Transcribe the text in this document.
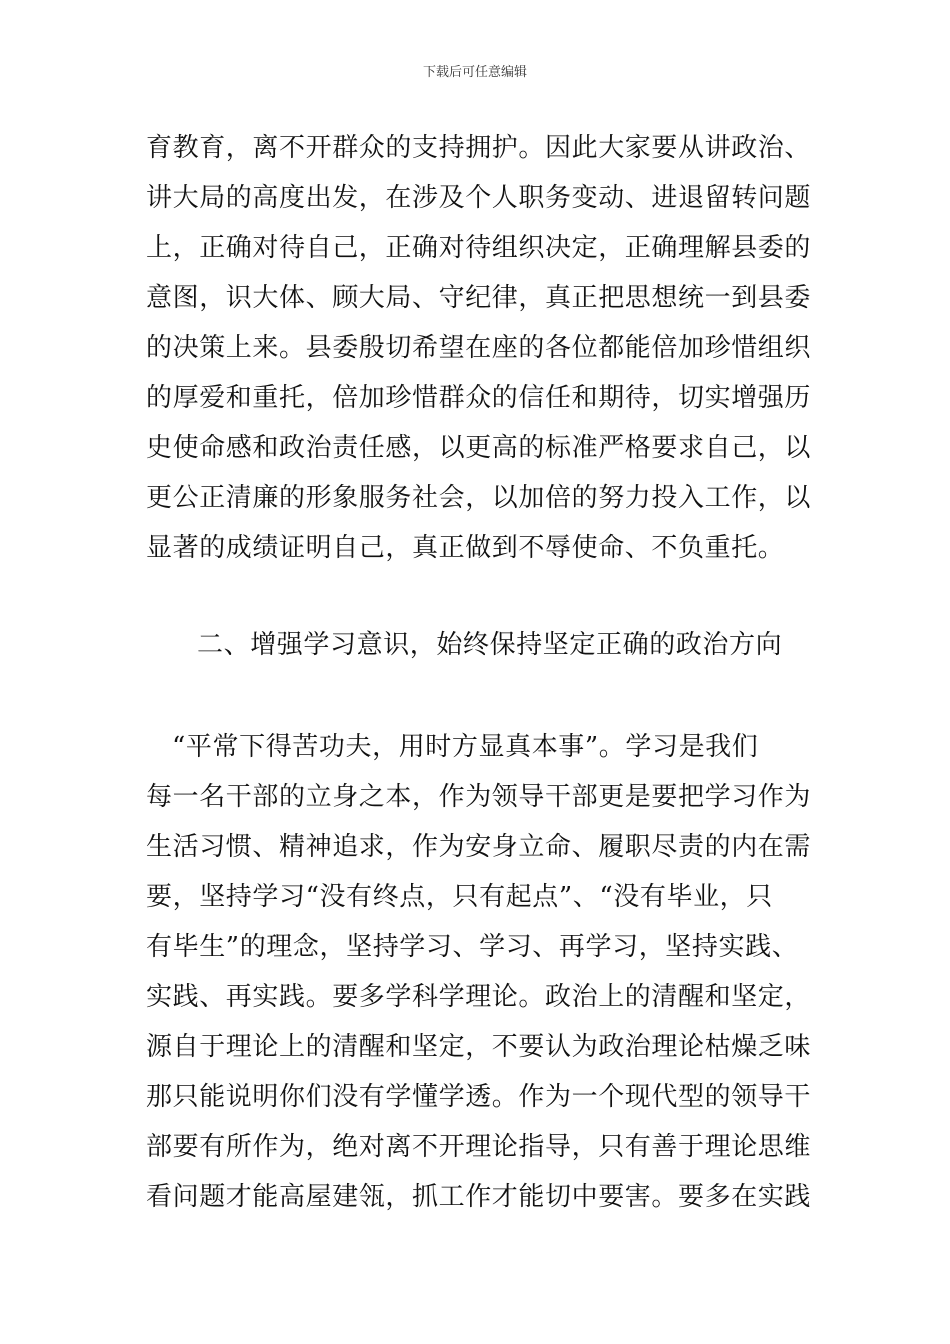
下载后可任意编辑
育教育，离不开群众的支持拥护。因此大家要从讲政治、
讲大局的高度出发，在涉及个人职务变动、进退留转问题
上，正确对待自己，正确对待组织决定，正确理解县委的
意图，识大体、顾大局、守纪律，真正把思想统一到县委
的决策上来。县委殷切希望在座的各位都能倍加珍惜组织
的厚爱和重托，倍加珍惜群众的信任和期待，切实增强历
史使命感和政治责任感，以更高的标准严格要求自己，以
更公正清廉的形象服务社会，以加倍的努力投入工作，以
显著的成绩证明自己，真正做到不辱使命、不负重托。
二、增强学习意识，始终保持坚定正确的政治方向
“平常下得苦功夫，用时方显真本事”。学习是我们
每一名干部的立身之本，作为领导干部更是要把学习作为
生活习惯、精神追求，作为安身立命、履职尽责的内在需
要，坚持学习“没有终点，只有起点”、“没有毕业，只
有毕生”的理念，坚持学习、学习、再学习，坚持实践、
实践、再实践。要多学科学理论。政治上的清醒和坚定，
源自于理论上的清醒和坚定，不要认为政治理论枯燥乏味
那只能说明你们没有学懂学透。作为一个现代型的领导干
部要有所作为，绝对离不开理论指导，只有善于理论思维
看问题才能高屋建瓴，抓工作才能切中要害。要多在实践
